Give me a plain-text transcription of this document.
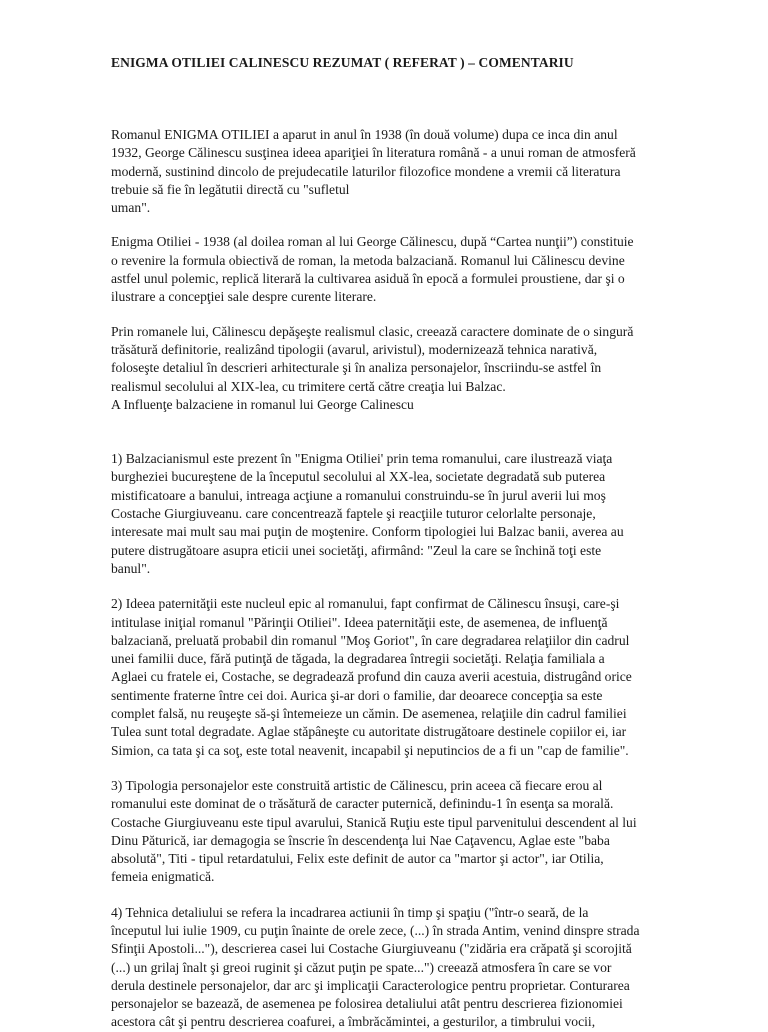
ENIGMA OTILIEI CALINESCU REZUMAT ( REFERAT ) – COMENTARIU

Romanul ENIGMA OTILIEI a aparut in anul în 1938 (în două volume) dupa ce inca din anul
1932, George Călinescu susţinea ideea apariţiei în literatura română - a unui roman de atmosferă
modernă, sustinind dincolo de prejudecatile laturilor filozofice mondene a vremii că literatura
trebuie să fie în legătutii directă cu "sufletul
uman".

Enigma Otiliei - 1938 (al doilea roman al lui George Călinescu, după “Cartea nunţii”) constituie
o revenire la formula obiectivă de roman, la metoda balzaciană. Romanul lui Călinescu devine
astfel unul polemic, replică literară la cultivarea asiduă în epocă a formulei proustiene, dar şi o
ilustrare a concepţiei sale despre curente literare.

Prin romanele lui, Călinescu depăşeşte realismul clasic, creează caractere dominate de o singură
trăsătură definitorie, realizând tipologii (avarul, arivistul), modernizează tehnica narativă,
foloseşte detaliul în descrieri arhitecturale şi în analiza personajelor, înscriindu-se astfel în
realismul secolului al XIX-lea, cu trimitere certă către creaţia lui Balzac.

A Influenţe balzaciene in romanul lui George Calinescu

1) Balzacianismul este prezent în "Enigma Otiliei' prin tema romanului, care ilustrează viaţa
burgheziei bucureştene de la începutul secolului al XX-lea, societate degradată sub puterea
mistificatoare a banului, intreaga acţiune a romanului construindu-se în jurul averii lui moş
Costache Giurgiuveanu. care concentrează faptele şi reacţiile tuturor celorlalte personaje,
interesate mai mult sau mai puţin de moştenire. Conform tipologiei lui Balzac banii, averea au
putere distrugătoare asupra eticii unei societăţi, afirmând: "Zeul la care se închină toţi este
banul".

2) Ideea paternităţii este nucleul epic al romanului, fapt confirmat de Călinescu însuşi, care-şi
intitulase iniţial romanul "Părinţii Otiliei". Ideea paternităţii este, de asemenea, de influenţă
balzaciană, preluată probabil din romanul "Moş Goriot", în care degradarea relaţiilor din cadrul
unei familii duce, fără putinţă de tăgada, la degradarea întregii societăţi. Relaţia familiala a
Aglaei cu fratele ei, Costache, se degradează profund din cauza averii acestuia, distrugând orice
sentimente fraterne între cei doi. Aurica şi-ar dori o familie, dar deoarece concepţia sa este
complet falsă, nu reuşeşte să-şi întemeieze un cămin. De asemenea, relaţiile din cadrul familiei
Tulea sunt total degradate. Aglae stăpâneşte cu autoritate distrugătoare destinele copiilor ei, iar
Simion, ca tata şi ca soţ, este total neavenit, incapabil şi neputincios de a fi un "cap de familie".

3) Tipologia personajelor este construită artistic de Călinescu, prin aceea că fiecare erou al
romanului este dominat de o trăsătură de caracter puternică, definindu-1 în esenţa sa morală.
Costache Giurgiuveanu este tipul avarului, Stanică Ruţiu este tipul parvenitului descendent al lui
Dinu Păturică, iar demagogia se înscrie în descendenţa lui Nae Caţavencu, Aglae este "baba
absolută", Titi - tipul retardatului, Felix este definit de autor ca "martor şi actor", iar Otilia,
femeia enigmatică.

4) Tehnica detaliului se refera la incadrarea actiunii în timp şi spaţiu ("într-o seară, de la
începutul lui iulie 1909, cu puţin înainte de orele zece, (...) în strada Antim, venind dinspre strada
Sfinţii Apostoli..."), descrierea casei lui Costache Giurgiuveanu ("zidăria era crăpată şi scorojită
(...) un grilaj înalt şi greoi ruginit şi căzut puţin pe spate...") creează atmosfera în care se vor
derula destinele personajelor, dar arc şi implicaţii Caracterologice pentru proprietar. Conturarea
personajelor se bazează, de asemenea pe folosirea detaliului atât pentru descrierea fizionomiei
acestora cât şi pentru descrierea coafurei, a îmbrăcămintei, a gesturilor, a timbrului vocii,
